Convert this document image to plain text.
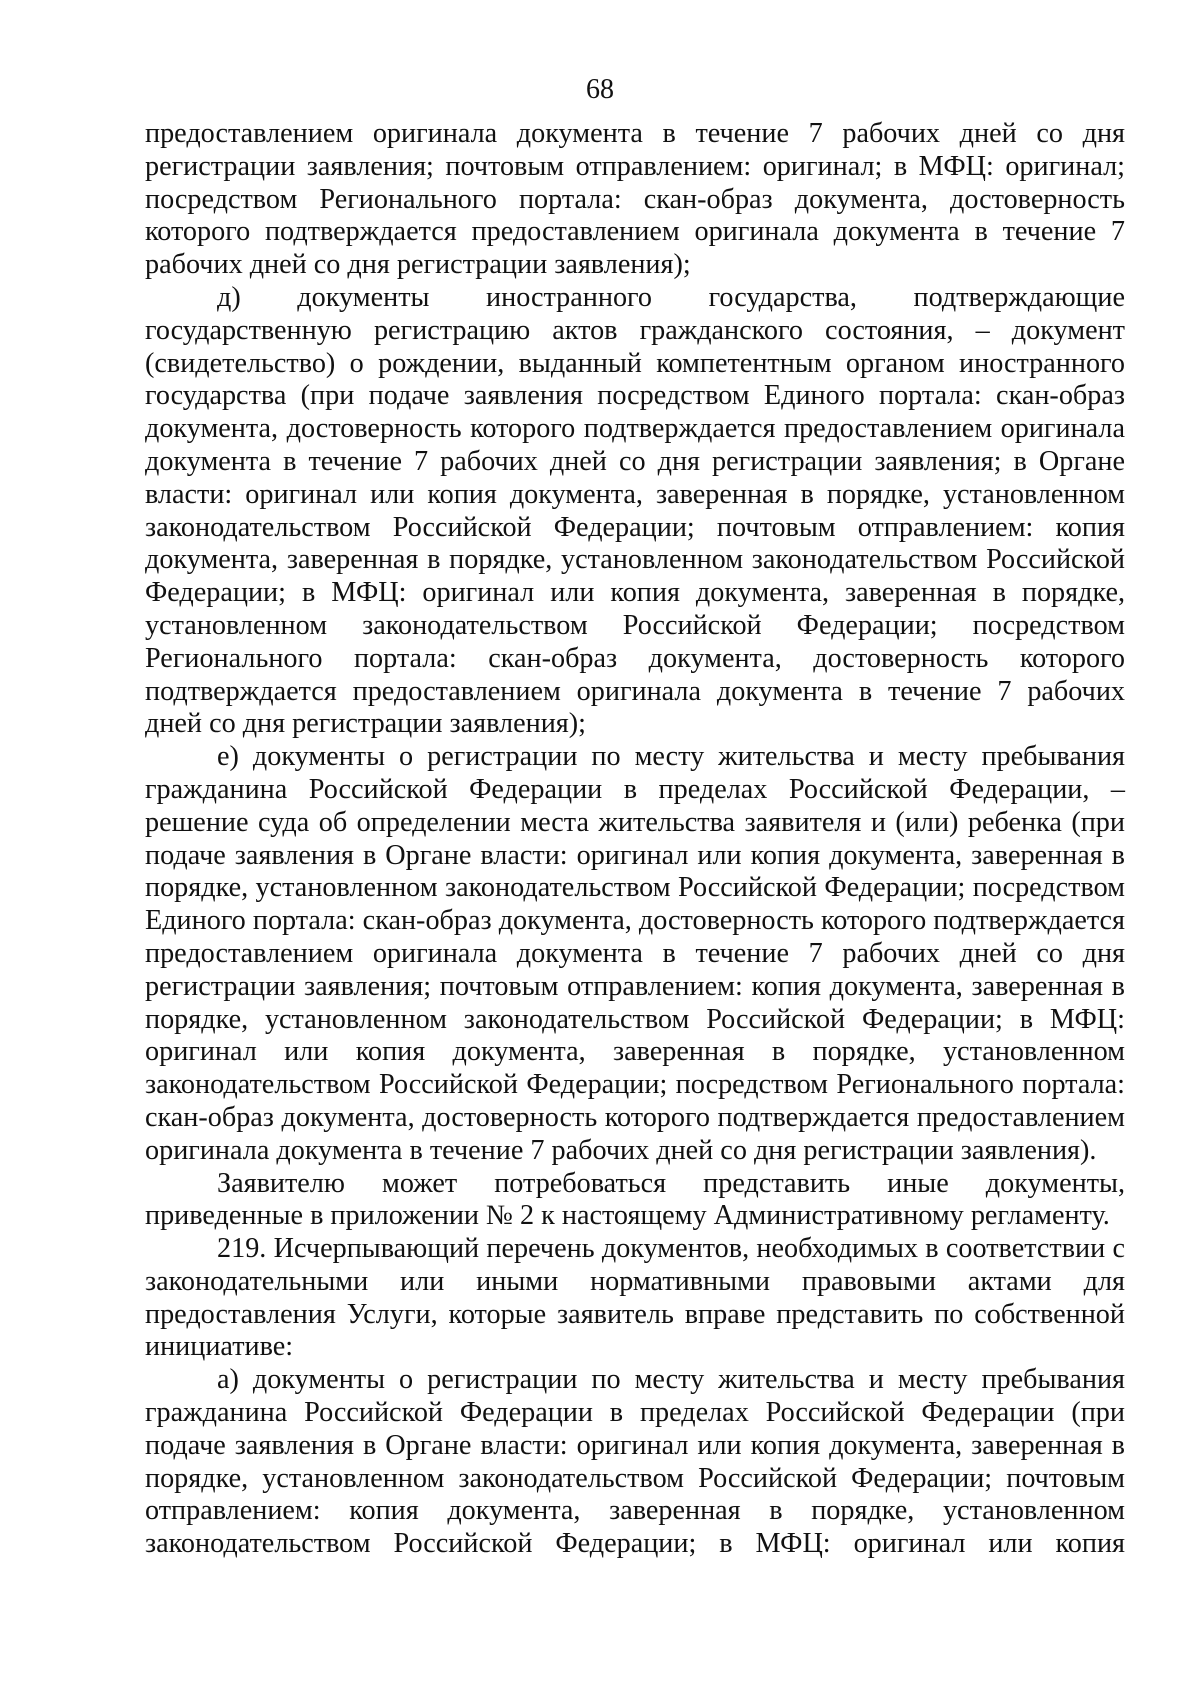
68

предоставлением оригинала документа в течение 7 рабочих дней со дня регистрации заявления; почтовым отправлением: оригинал; в МФЦ: оригинал; посредством Регионального портала: скан-образ документа, достоверность которого подтверждается предоставлением оригинала документа в течение 7 рабочих дней со дня регистрации заявления);

д) документы иностранного государства, подтверждающие государственную регистрацию актов гражданского состояния, – документ (свидетельство) о рождении, выданный компетентным органом иностранного государства (при подаче заявления посредством Единого портала: скан-образ документа, достоверность которого подтверждается предоставлением оригинала документа в течение 7 рабочих дней со дня регистрации заявления; в Органе власти: оригинал или копия документа, заверенная в порядке, установленном законодательством Российской Федерации; почтовым отправлением: копия документа, заверенная в порядке, установленном законодательством Российской Федерации; в МФЦ: оригинал или копия документа, заверенная в порядке, установленном законодательством Российской Федерации; посредством Регионального портала: скан-образ документа, достоверность которого подтверждается предоставлением оригинала документа в течение 7 рабочих дней со дня регистрации заявления);

е) документы о регистрации по месту жительства и месту пребывания гражданина Российской Федерации в пределах Российской Федерации, – решение суда об определении места жительства заявителя и (или) ребенка (при подаче заявления в Органе власти: оригинал или копия документа, заверенная в порядке, установленном законодательством Российской Федерации; посредством Единого портала: скан-образ документа, достоверность которого подтверждается предоставлением оригинала документа в течение 7 рабочих дней со дня регистрации заявления; почтовым отправлением: копия документа, заверенная в порядке, установленном законодательством Российской Федерации; в МФЦ: оригинал или копия документа, заверенная в порядке, установленном законодательством Российской Федерации; посредством Регионального портала: скан-образ документа, достоверность которого подтверждается предоставлением оригинала документа в течение 7 рабочих дней со дня регистрации заявления).

Заявителю может потребоваться представить иные документы, приведенные в приложении № 2 к настоящему Административному регламенту.

219. Исчерпывающий перечень документов, необходимых в соответствии с законодательными или иными нормативными правовыми актами для предоставления Услуги, которые заявитель вправе представить по собственной инициативе:

а) документы о регистрации по месту жительства и месту пребывания гражданина Российской Федерации в пределах Российской Федерации (при подаче заявления в Органе власти: оригинал или копия документа, заверенная в порядке, установленном законодательством Российской Федерации; почтовым отправлением: копия документа, заверенная в порядке, установленном законодательством Российской Федерации; в МФЦ: оригинал или копия
